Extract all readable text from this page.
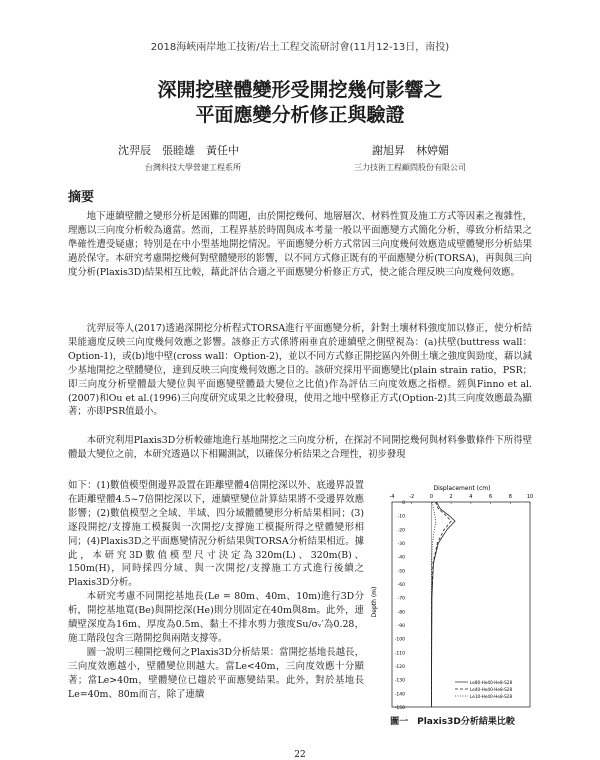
2018海峽兩岸地工技術/岩土工程交流研討會(11月12-13日，南投)
深開挖壁體變形受開挖幾何影響之
平面應變分析修正與驗證
沈羿辰　張睦雄　黃任中	謝旭昇　林婷媚
台灣科技大學營建工程系所	三力技術工程顧問股份有限公司
摘要

地下連續壁體之變形分析是困難的問題，由於開挖幾何、地層層次、材料性質及施工方式等因素之複雜性，理應以三向度分析較為適當。然而，工程界基於時間與成本考量一般以平面應變方式簡化分析，導致分析結果之準確性遭受疑慮；特別是在中小型基地開挖情況。平面應變分析方式常因三向度幾何效應造成壁體變形分析結果過於保守。本研究考慮開挖幾何對壁體變形的影響，以不同方式修正既有的平面應變分析(TORSA)，再與與三向度分析(Plaxis3D)結果相互比較，藉此評估合適之平面應變分析修正方式，使之能合理反映三向度幾何效應。

沈羿辰等人(2017)透過深開挖分析程式TORSA進行平面應變分析，針對土壤材料強度加以修正，使分析結果能適度反映三向度幾何效應之影響。該修正方式係將兩垂直於連續壁之側壁視為：(a)扶壁(buttress wall：Option-1)，或(b)地中壁(cross wall：Option-2)，並以不同方式修正開挖區內外側土壤之強度與勁度，藉以減少基地開挖之壁體變位，達到反映三向度幾何效應之目的。該研究採用平面應變比(plain strain ratio，PSR；即三向度分析壁體最大變位與平面應變壁體最大變位之比值)作為評估三向度效應之指標。經與Finno et al.(2007)和Ou et al.(1996)三向度研究成果之比較發現，使用之地中壁修正方式(Option-2)其三向度效應最為顯著；亦即PSR值最小。

本研究利用Plaxis3D分析較確地進行基地開挖之三向度分析，在探討不同開挖幾何與材料參數條件下所得壁體最大變位之前，本研究透過以下相關測試，以確保分析結果之合理性，初步發現

如下：(1)數值模型側邊界設置在距離壁體4倍開挖深以外、底邊界設置在距離壁體4.5~7倍開挖深以下，連續壁變位計算結果將不受邊界效應影響；(2)數值模型之全域、半域、四分域體體變形分析結果相同；(3)逐段開挖/支撐施工模擬與一次開挖/支撐施工模擬所得之壁體變形相同；(4)Plaxis3D之平面應變情況分析結果與TORSA分析結果相近。據此，本研究3D數值模型尺寸決定為320m(L)、320m(B)、150m(H)，同時採四分域、與一次開挖/支撐施工方式進行後續之Plaxis3D分析。

本研究考慮不同開挖基地長(Le = 80m、40m、10m)進行3D分析，開挖基地寬(Be)與開挖深(He)則分別固定在40m與8m。此外，連續壁深度為16m、厚度為0.5m、黏土不排水剪力強度Su/σᵥ′為0.28，施工階段包含三階開挖與兩階支撐等。

圖一說明三種開挖幾何之Plaxis3D分析結果：當開挖基地長越長，三向度效應越小，壁體變位則越大。當Le<40m，三向度效應十分顯著；當Le>40m，壁體變位已趨於平面應變結果。此外，對於基地長Le=40m、80m而言，除了連續

Displacement (cm)
Depth (m)
-4	-2	0	2	4	6	8	10
0
-10
-20
-30
-40
-50
-60
-70
-80
-90
-100
-110
-120
-130
-140
-150
Le80-He40-He8-S28
Le40-He40-He8-S28
Le10-He40-He8-S28
圖一　Plaxis3D分析結果比較
22
